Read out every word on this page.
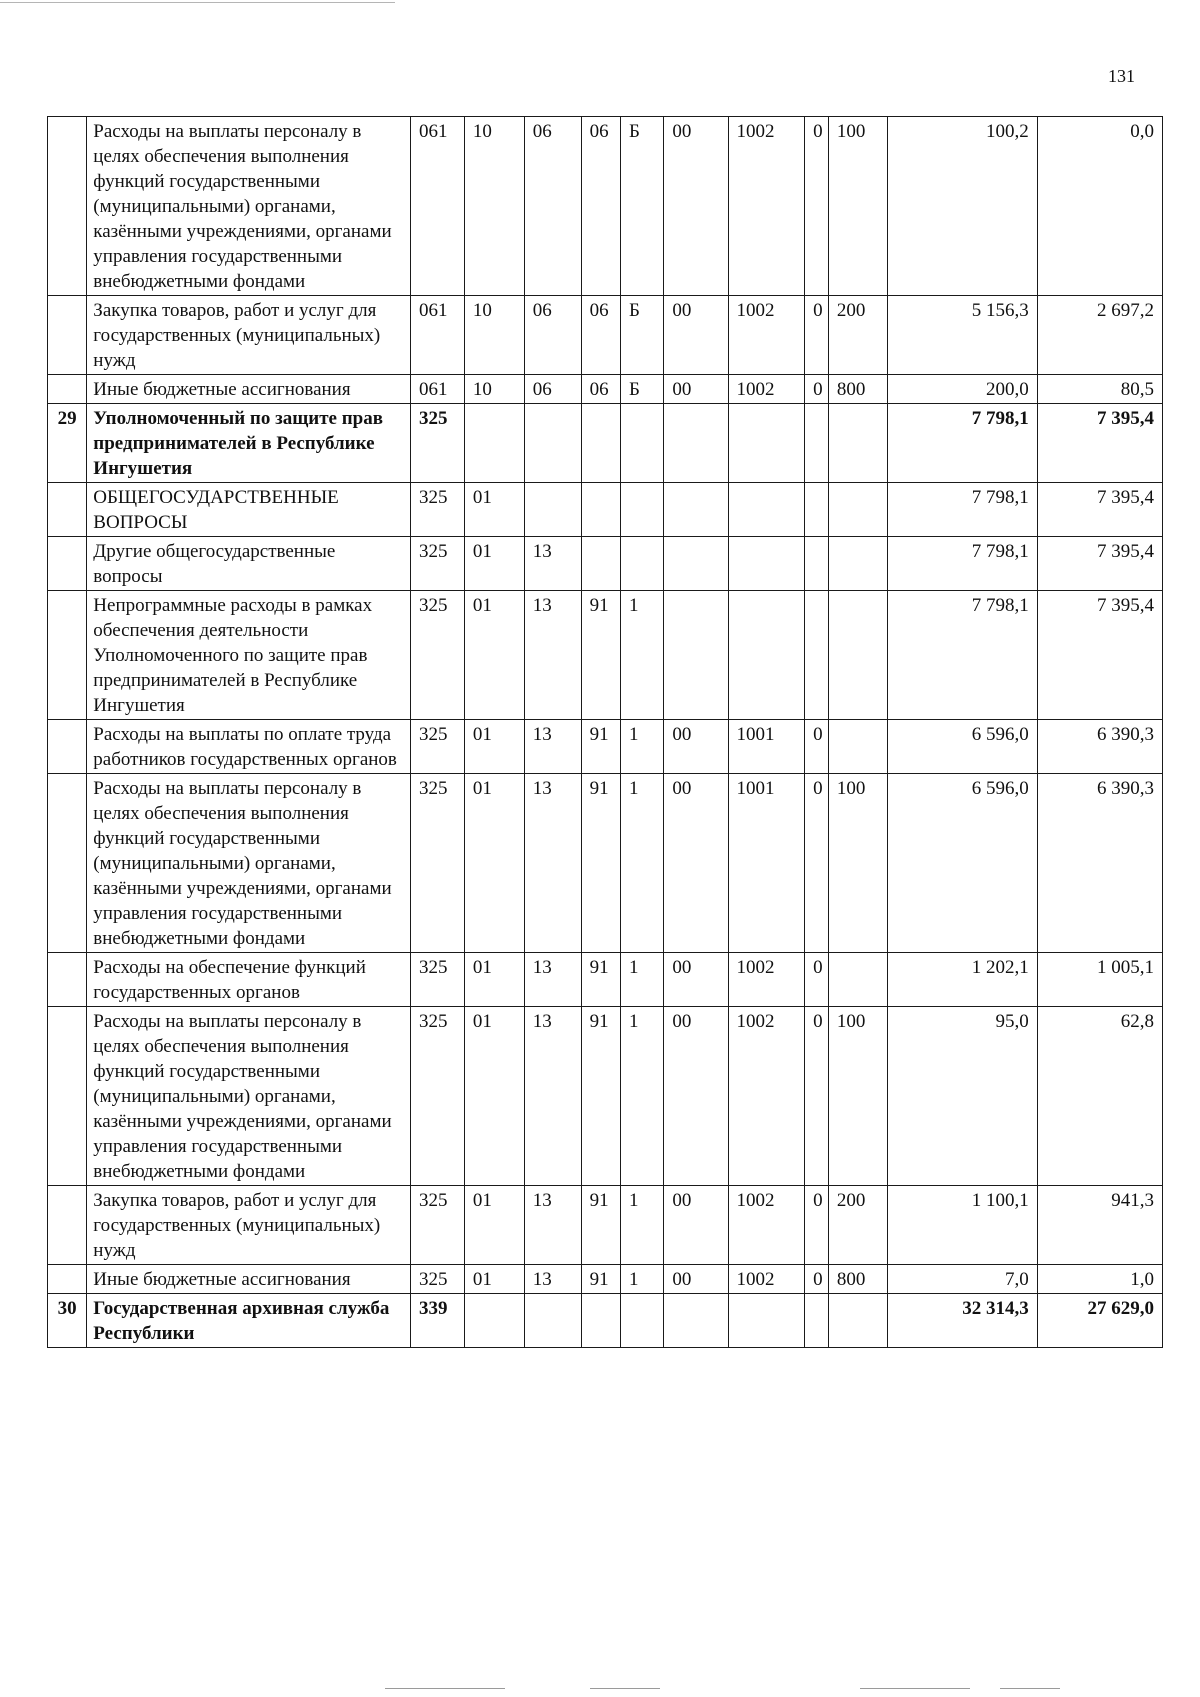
131
	Расходы на выплаты персоналу в целях обеспечения выполнения функций государственными (муниципальными) органами, казёнными учреждениями, органами управления государственными внебюджетными фондами	061	10	06	06	Б	00	1002	0	100	100,2	0,0
	Закупка товаров, работ и услуг для государственных (муниципальных) нужд	061	10	06	06	Б	00	1002	0	200	5 156,3	2 697,2
	Иные бюджетные ассигнования	061	10	06	06	Б	00	1002	0	800	200,0	80,5
29	Уполномоченный по защите прав предпринимателей в Республике Ингушетия	325									7 798,1	7 395,4
	ОБЩЕГОСУДАРСТВЕННЫЕ ВОПРОСЫ	325	01								7 798,1	7 395,4
	Другие общегосударственные вопросы	325	01	13							7 798,1	7 395,4
	Непрограммные расходы в рамках обеспечения деятельности Уполномоченного по защите прав предпринимателей в Республике Ингушетия	325	01	13	91	1					7 798,1	7 395,4
	Расходы на выплаты по оплате труда работников государственных органов	325	01	13	91	1	00	1001	0		6 596,0	6 390,3
	Расходы на выплаты персоналу в целях обеспечения выполнения функций государственными (муниципальными) органами, казёнными учреждениями, органами управления государственными внебюджетными фондами	325	01	13	91	1	00	1001	0	100	6 596,0	6 390,3
	Расходы на обеспечение функций государственных органов	325	01	13	91	1	00	1002	0		1 202,1	1 005,1
	Расходы на выплаты персоналу в целях обеспечения выполнения функций государственными (муниципальными) органами, казёнными учреждениями, органами управления государственными внебюджетными фондами	325	01	13	91	1	00	1002	0	100	95,0	62,8
	Закупка товаров, работ и услуг для государственных (муниципальных) нужд	325	01	13	91	1	00	1002	0	200	1 100,1	941,3
	Иные бюджетные ассигнования	325	01	13	91	1	00	1002	0	800	7,0	1,0
30	Государственная архивная служба Республики	339									32 314,3	27 629,0
